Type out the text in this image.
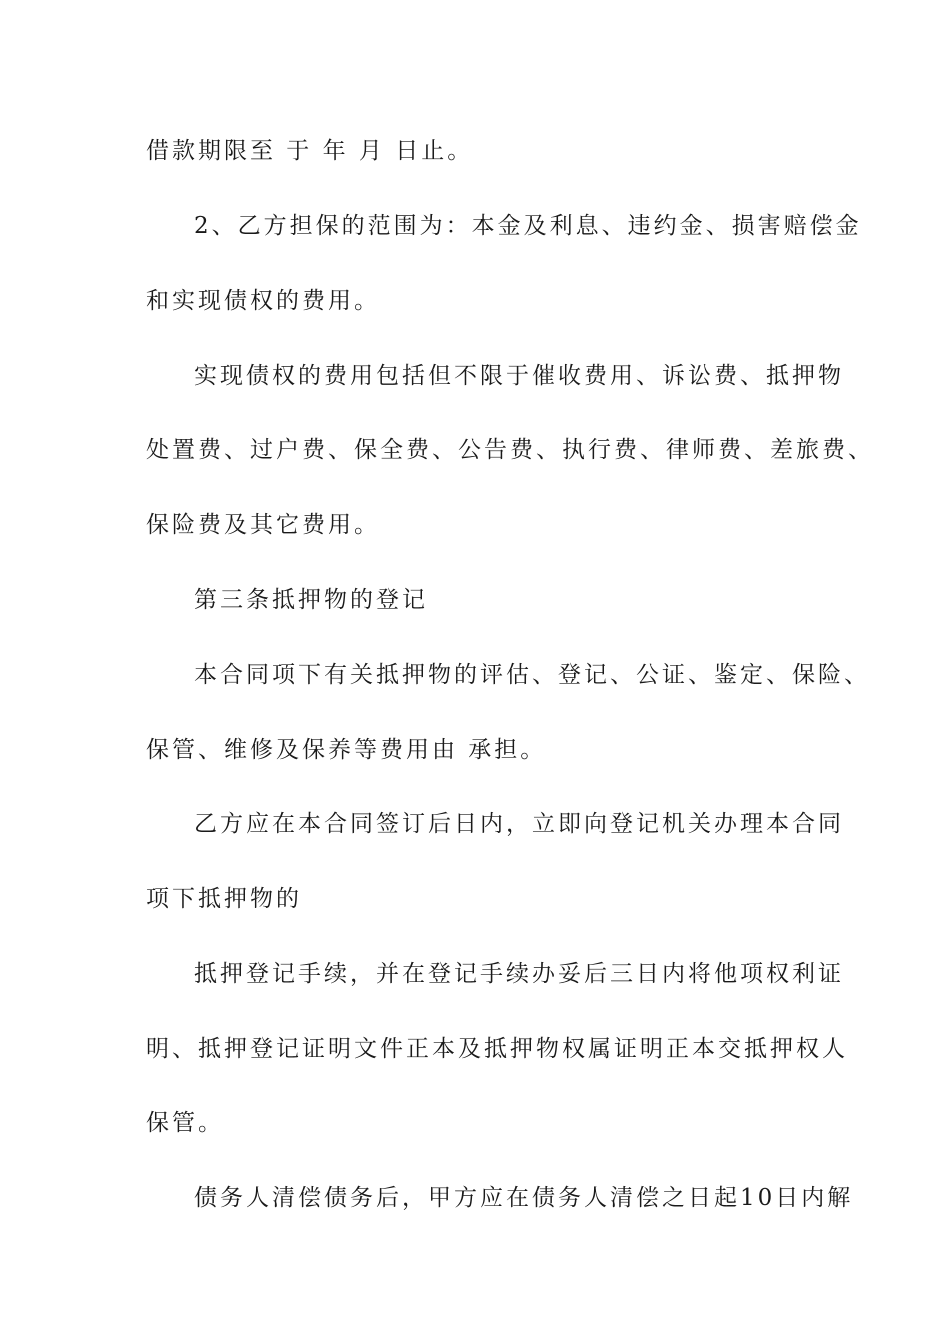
借款期限至 于 年 月 日止。
2、乙方担保的范围为：本金及利息、违约金、损害赔偿金
和实现债权的费用。
实现债权的费用包括但不限于催收费用、诉讼费、抵押物
处置费、过户费、保全费、公告费、执行费、律师费、差旅费、
保险费及其它费用。
第三条抵押物的登记
本合同项下有关抵押物的评估、登记、公证、鉴定、保险、
保管、维修及保养等费用由 承担。
乙方应在本合同签订后日内，立即向登记机关办理本合同
项下抵押物的
抵押登记手续，并在登记手续办妥后三日内将他项权利证
明、抵押登记证明文件正本及抵押物权属证明正本交抵押权人
保管。
债务人清偿债务后，甲方应在债务人清偿之日起10日内解
